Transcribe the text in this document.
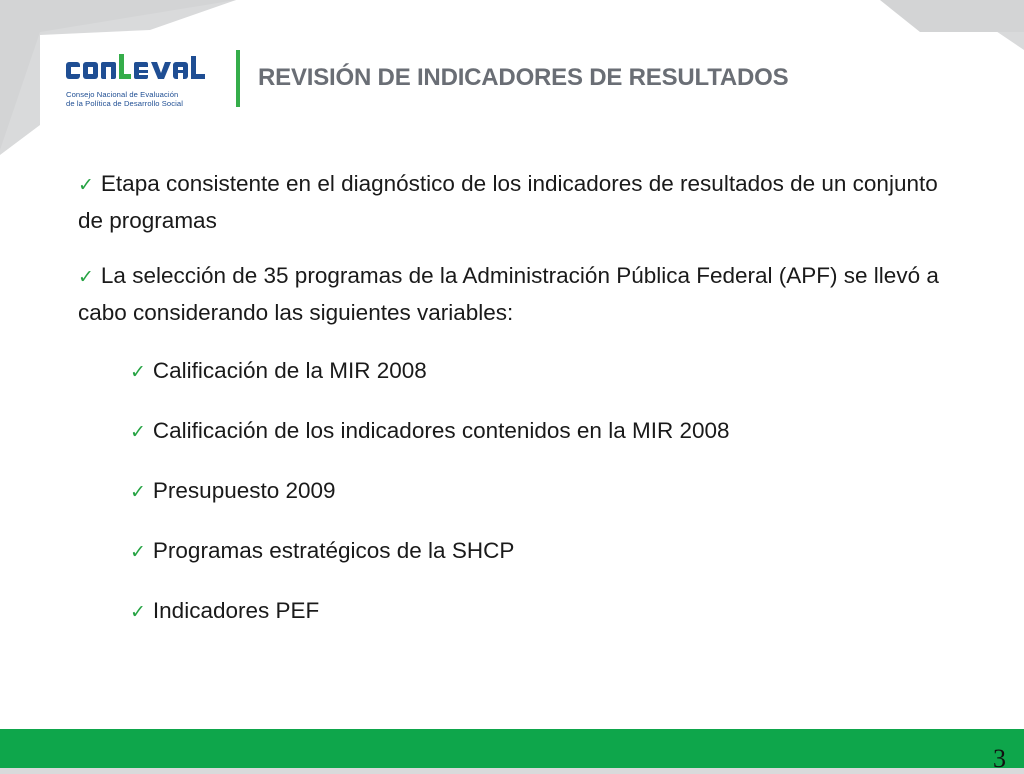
Consejo Nacional de Evaluación
de la Política de Desarrollo Social
REVISIÓN DE INDICADORES DE RESULTADOS
✓ Etapa consistente en el diagnóstico de los indicadores de resultados de un conjunto de programas
✓ La selección de 35 programas de la Administración Pública Federal (APF) se llevó a cabo considerando las siguientes variables:
✓ Calificación de la MIR 2008
✓ Calificación de los indicadores contenidos en la MIR 2008
✓ Presupuesto 2009
✓ Programas estratégicos de la SHCP
✓ Indicadores PEF
3
